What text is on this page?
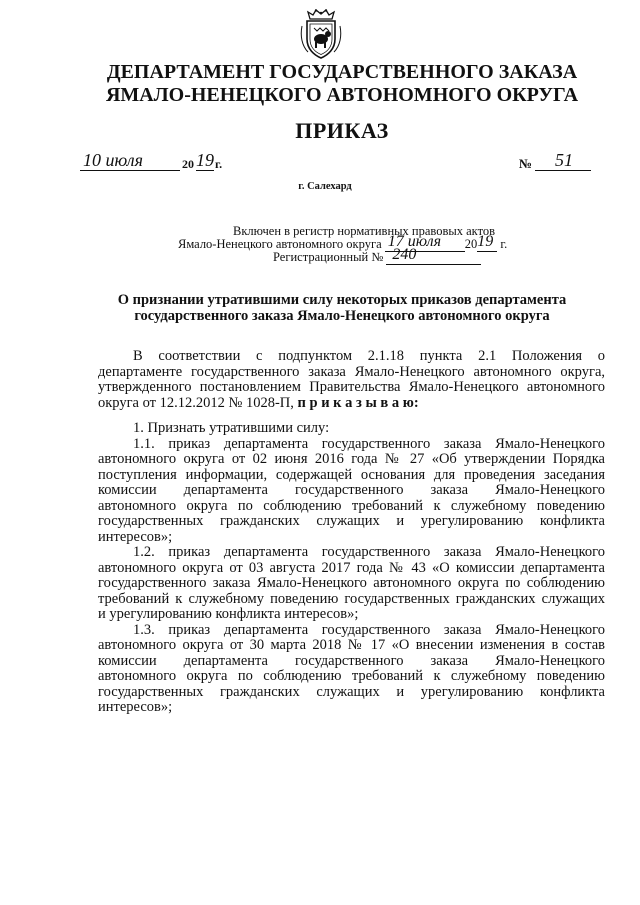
ДЕПАРТАМЕНТ ГОСУДАРСТВЕННОГО ЗАКАЗА
ЯМАЛО-НЕНЕЦКОГО АВТОНОМНОГО ОКРУГА
ПРИКАЗ
10 июля	20 19 г.	№ 51
г. Салехард
Включен в регистр нормативных правовых актов
Ямало-Ненецкого автономного округа 17 июля 20 19 г.
Регистрационный № 240
О признании утратившими силу некоторых приказов департамента
государственного заказа Ямало-Ненецкого автономного округа
В соответствии с подпунктом 2.1.18 пункта 2.1 Положения о
департаменте государственного заказа Ямало-Ненецкого автономного округа,
утвержденного постановлением Правительства Ямало-Ненецкого автономного
округа от 12.12.2012 № 1028-П, п р и к а з ы в а ю:
1. Признать утратившими силу:
1.1. приказ департамента государственного заказа Ямало-Ненецкого
автономного округа от 02 июня 2016 года № 27 «Об утверждении Порядка
поступления информации, содержащей основания для проведения заседания
комиссии департамента государственного заказа Ямало-Ненецкого
автономного округа по соблюдению требований к служебному поведению
государственных гражданских служащих и урегулированию конфликта
интересов»;
1.2. приказ департамента государственного заказа Ямало-Ненецкого
автономного округа от 03 августа 2017 года № 43 «О комиссии департамента
государственного заказа Ямало-Ненецкого автономного округа по соблюдению
требований к служебному поведению государственных гражданских служащих
и урегулированию конфликта интересов»;
1.3. приказ департамента государственного заказа Ямало-Ненецкого
автономного округа от 30 марта 2018 № 17 «О внесении изменения в состав
комиссии департамента государственного заказа Ямало-Ненецкого
автономного округа по соблюдению требований к служебному поведению
государственных гражданских служащих и урегулированию конфликта
интересов»;
